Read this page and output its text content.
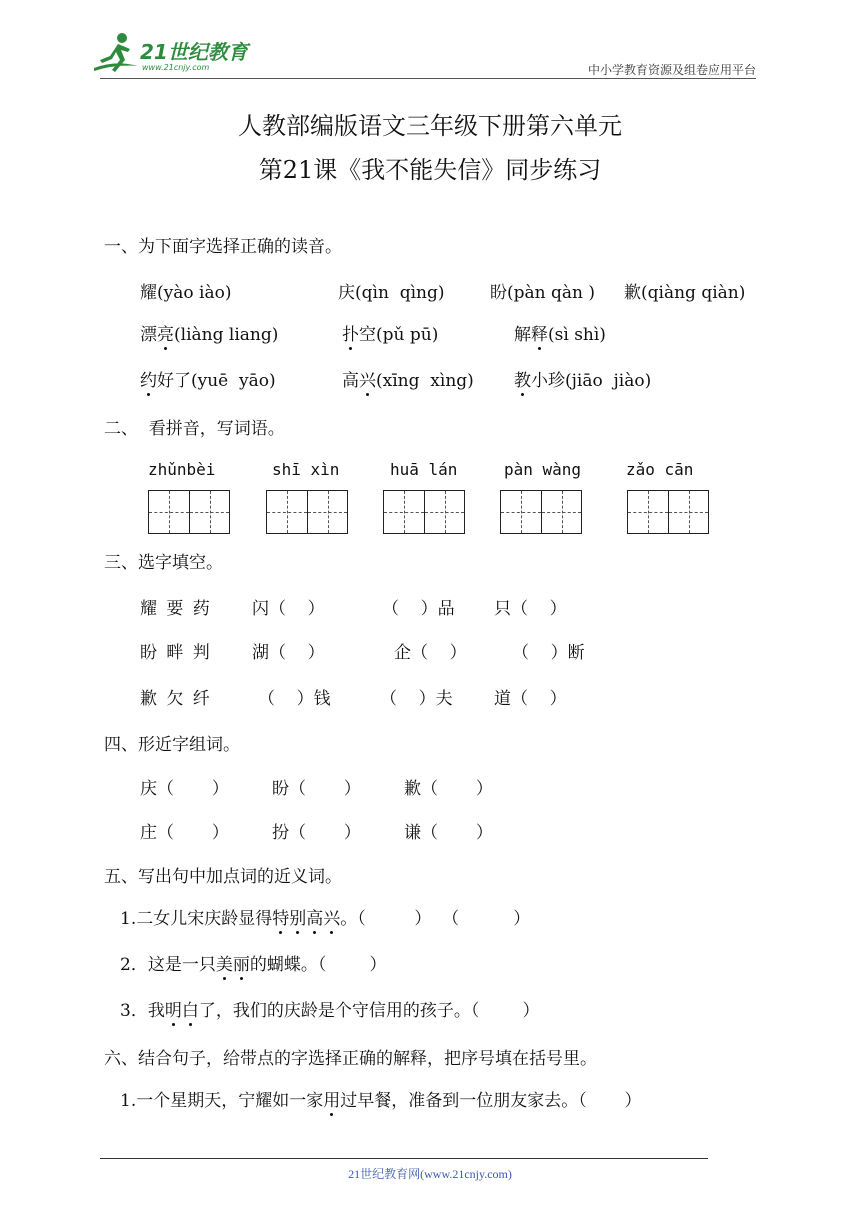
21世纪教育
www.21cnjy.com	中小学教育资源及组卷应用平台
人教部编版语文三年级下册第六单元
第21课《我不能失信》同步练习
一、为下面字选择正确的读音。
耀(yào iào)	庆(qìn  qìng)	盼(pàn qàn ) 歉(qiàng qiàn)
漂亮(liàng liang)	扑空(pǔ pū)	解释(sì shì)
约好了(yuē  yāo)	高兴(xīng  xìng) 教小珍(jiāo  jiào)
二、  看拼音，写词语。
zhǔnbèi	shī xìn	huā lán	pàn wàng	zǎo cān
三、选字填空。
耀 要 药 闪（    ）	（    ）品 只（    ）
盼 畔 判 湖（    ）	企（    ）	（    ）断
歉 欠 纤	（    ）钱	（    ）夫 道（    ）
四、形近字组词。
庆（       ）	盼（       ）	歉（       ）
庄（       ）	扮（       ）	谦（       ）
五、写出句中加点词的近义词。
1.二女儿宋庆龄显得特别高兴。（         ）  （          ）
2．这是一只美丽的蝴蝶。（        ）
3．我明白了，我们的庆龄是个守信用的孩子。（        ）
六、结合句子，给带点的字选择正确的解释，把序号填在括号里。
1.一个星期天，宁耀如一家用过早餐，准备到一位朋友家去。（       ）
21世纪教育网(www.21cnjy.com)
